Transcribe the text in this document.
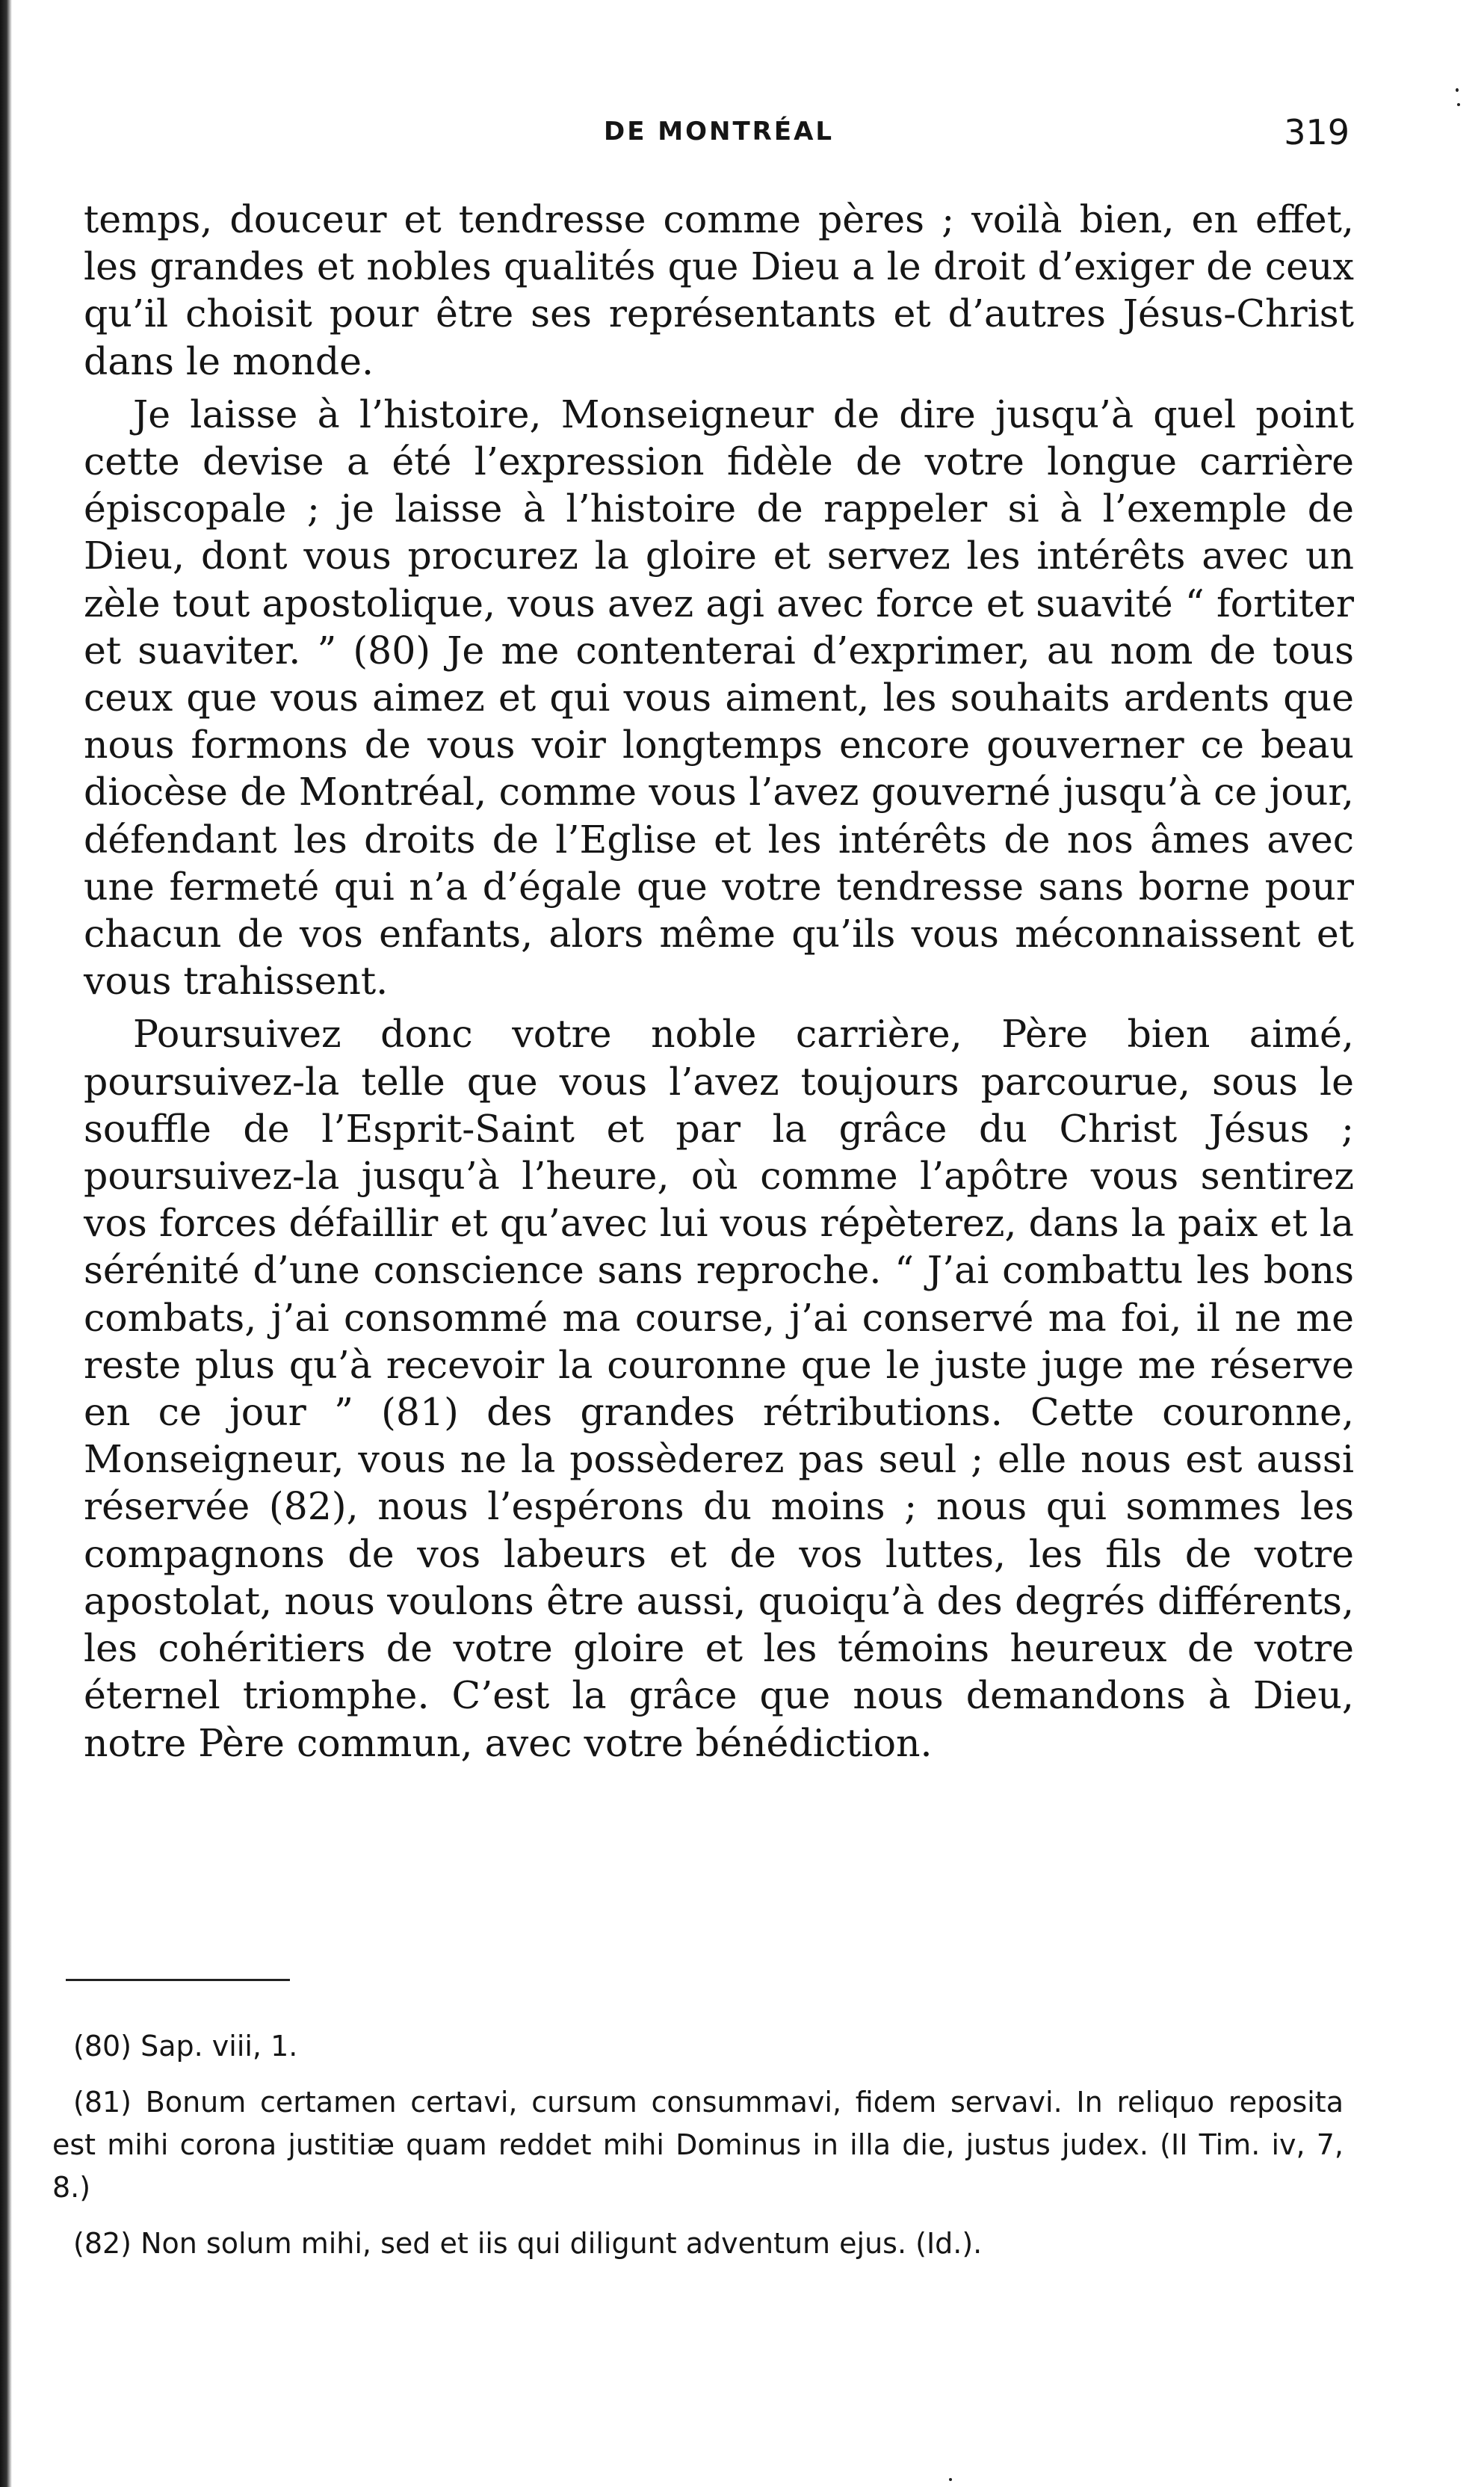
DE MONTRÉAL	319

temps, douceur et tendresse comme pères ; voilà bien, en effet, les grandes et nobles qualités que Dieu a le droit d’exiger de ceux qu’il choisit pour être ses représentants et d’autres Jésus-Christ dans le monde.

Je laisse à l’histoire, Monseigneur de dire jusqu’à quel point cette devise a été l’expression fidèle de votre longue carrière épiscopale ; je laisse à l’histoire de rappeler si à l’exemple de Dieu, dont vous procurez la gloire et servez les intérêts avec un zèle tout apostolique, vous avez agi avec force et suavité “ fortiter et suaviter. ” (80) Je me contenterai d’exprimer, au nom de tous ceux que vous aimez et qui vous aiment, les souhaits ardents que nous formons de vous voir longtemps encore gouverner ce beau diocèse de Montréal, comme vous l’avez gouverné jusqu’à ce jour, défendant les droits de l’Eglise et les intérêts de nos âmes avec une fermeté qui n’a d’égale que votre tendresse sans borne pour chacun de vos enfants, alors même qu’ils vous méconnaissent et vous trahissent.

Poursuivez donc votre noble carrière, Père bien aimé, poursuivez-la telle que vous l’avez toujours parcourue, sous le souffle de l’Esprit-Saint et par la grâce du Christ Jésus ; poursuivez-la jusqu’à l’heure, où comme l’apôtre vous sentirez vos forces défaillir et qu’avec lui vous répèterez, dans la paix et la sérénité d’une conscience sans reproche. “ J’ai combattu les bons combats, j’ai consommé ma course, j’ai conservé ma foi, il ne me reste plus qu’à recevoir la couronne que le juste juge me réserve en ce jour ” (81) des grandes rétributions. Cette couronne, Monseigneur, vous ne la possèderez pas seul ; elle nous est aussi réservée (82), nous l’espérons du moins ; nous qui sommes les compagnons de vos labeurs et de vos luttes, les fils de votre apostolat, nous voulons être aussi, quoiqu’à des degrés différents, les cohéritiers de votre gloire et les témoins heureux de votre éternel triomphe. C’est la grâce que nous demandons à Dieu, notre Père commun, avec votre bénédiction.

(80) Sap. viii, 1.

(81) Bonum certamen certavi, cursum consummavi, fidem servavi. In reliquo reposita est mihi corona justitiæ quam reddet mihi Dominus in illa die, justus judex. (II Tim. iv, 7, 8.)

(82) Non solum mihi, sed et iis qui diligunt adventum ejus. (Id.).
